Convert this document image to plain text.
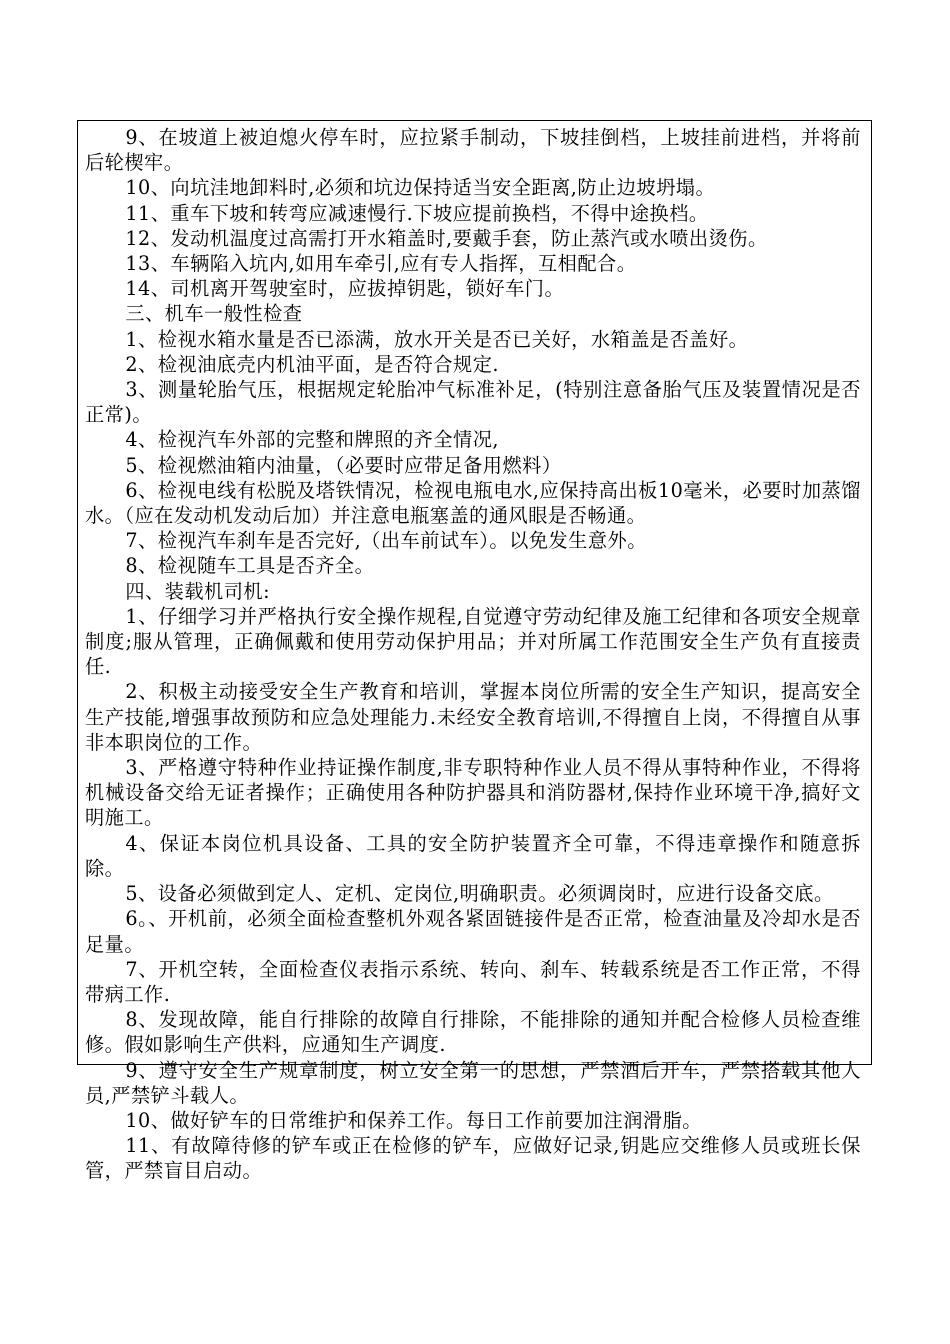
9、在坡道上被迫熄火停车时，应拉紧手制动，下坡挂倒档，上坡挂前进档，并将前后轮楔牢。

10、向坑洼地卸料时,必须和坑边保持适当安全距离,防止边坡坍塌。

11、重车下坡和转弯应减速慢行.下坡应提前换档，不得中途换档。

12、发动机温度过高需打开水箱盖时,要戴手套，防止蒸汽或水喷出烫伤。

13、车辆陷入坑内,如用车牵引,应有专人指挥，互相配合。

14、司机离开驾驶室时，应拔掉钥匙，锁好车门。

三、机车一般性检查

1、检视水箱水量是否已添满，放水开关是否已关好，水箱盖是否盖好。

2、检视油底壳内机油平面，是否符合规定.

3、测量轮胎气压，根据规定轮胎冲气标准补足，(特别注意备胎气压及装置情况是否正常)。

4、检视汽车外部的完整和牌照的齐全情况,

5、检视燃油箱内油量，（必要时应带足备用燃料）

6、检视电线有松脱及塔铁情况，检视电瓶电水,应保持高出板10毫米，必要时加蒸馏水。（应在发动机发动后加）并注意电瓶塞盖的通风眼是否畅通。

7、检视汽车刹车是否完好,（出车前试车）。以免发生意外。

8、检视随车工具是否齐全。

四、装载机司机:

1、仔细学习并严格执行安全操作规程,自觉遵守劳动纪律及施工纪律和各项安全规章制度;服从管理，正确佩戴和使用劳动保护用品；并对所属工作范围安全生产负有直接责任.

2、积极主动接受安全生产教育和培训，掌握本岗位所需的安全生产知识，提高安全生产技能,增强事故预防和应急处理能力.未经安全教育培训,不得擅自上岗，不得擅自从事非本职岗位的工作。

3、严格遵守特种作业持证操作制度,非专职特种作业人员不得从事特种作业，不得将机械设备交给无证者操作；正确使用各种防护器具和消防器材,保持作业环境干净,搞好文明施工。

4、保证本岗位机具设备、工具的安全防护装置齐全可靠，不得违章操作和随意拆除。

5、设备必须做到定人、定机、定岗位,明确职责。必须调岗时，应进行设备交底。

6。、开机前，必须全面检查整机外观各紧固链接件是否正常，检查油量及冷却水是否足量。

7、开机空转，全面检查仪表指示系统、转向、刹车、转载系统是否工作正常，不得带病工作.

8、发现故障，能自行排除的故障自行排除，不能排除的通知并配合检修人员检查维修。假如影响生产供料，应通知生产调度.

9、遵守安全生产规章制度，树立安全第一的思想，严禁酒后开车，严禁搭载其他人员,严禁铲斗载人。

10、做好铲车的日常维护和保养工作。每日工作前要加注润滑脂。

11、有故障待修的铲车或正在检修的铲车，应做好记录,钥匙应交维修人员或班长保管，严禁盲目启动。
